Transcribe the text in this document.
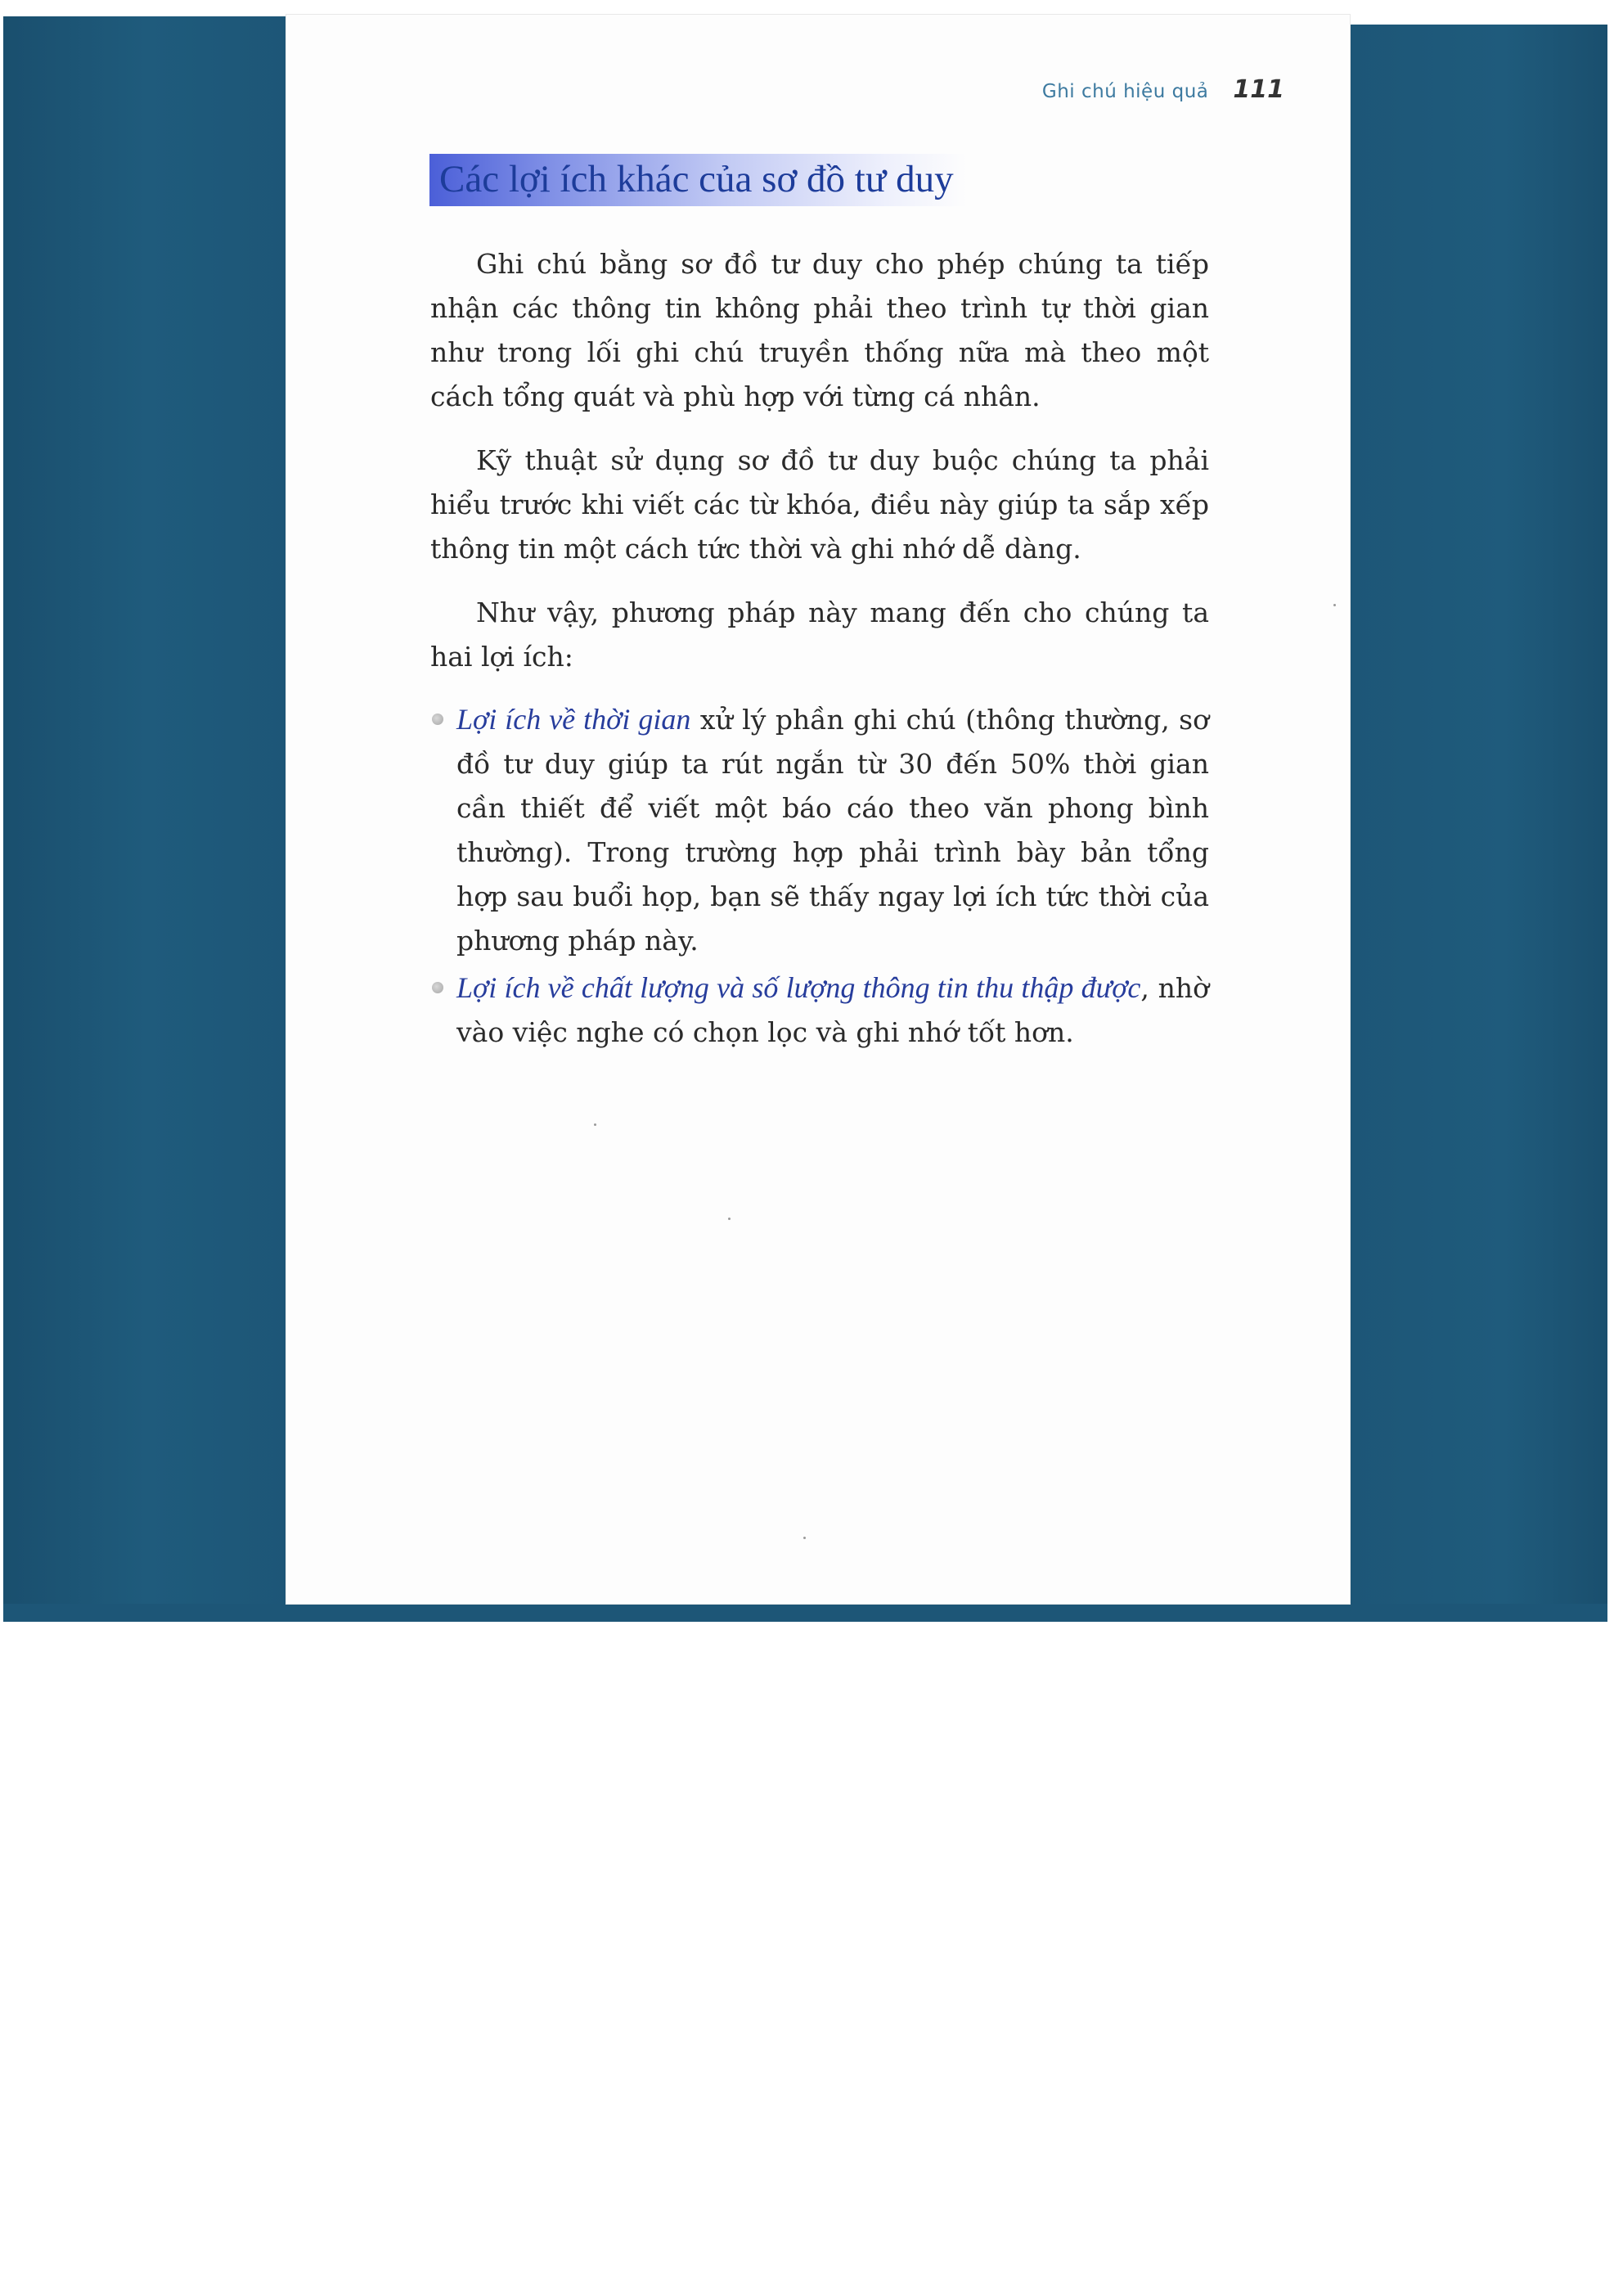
Ghi chú hiệu quả 111
Các lợi ích khác của sơ đồ tư duy

Ghi chú bằng sơ đồ tư duy cho phép chúng ta tiếp nhận các thông tin không phải theo trình tự thời gian như trong lối ghi chú truyền thống nữa mà theo một cách tổng quát và phù hợp với từng cá nhân.

Kỹ thuật sử dụng sơ đồ tư duy buộc chúng ta phải hiểu trước khi viết các từ khóa, điều này giúp ta sắp xếp thông tin một cách tức thời và ghi nhớ dễ dàng.

Như vậy, phương pháp này mang đến cho chúng ta hai lợi ích:

Lợi ích về thời gian xử lý phần ghi chú (thông thường, sơ đồ tư duy giúp ta rút ngắn từ 30 đến 50% thời gian cần thiết để viết một báo cáo theo văn phong bình thường). Trong trường hợp phải trình bày bản tổng hợp sau buổi họp, bạn sẽ thấy ngay lợi ích tức thời của phương pháp này.
Lợi ích về chất lượng và số lượng thông tin thu thập được, nhờ vào việc nghe có chọn lọc và ghi nhớ tốt hơn.
